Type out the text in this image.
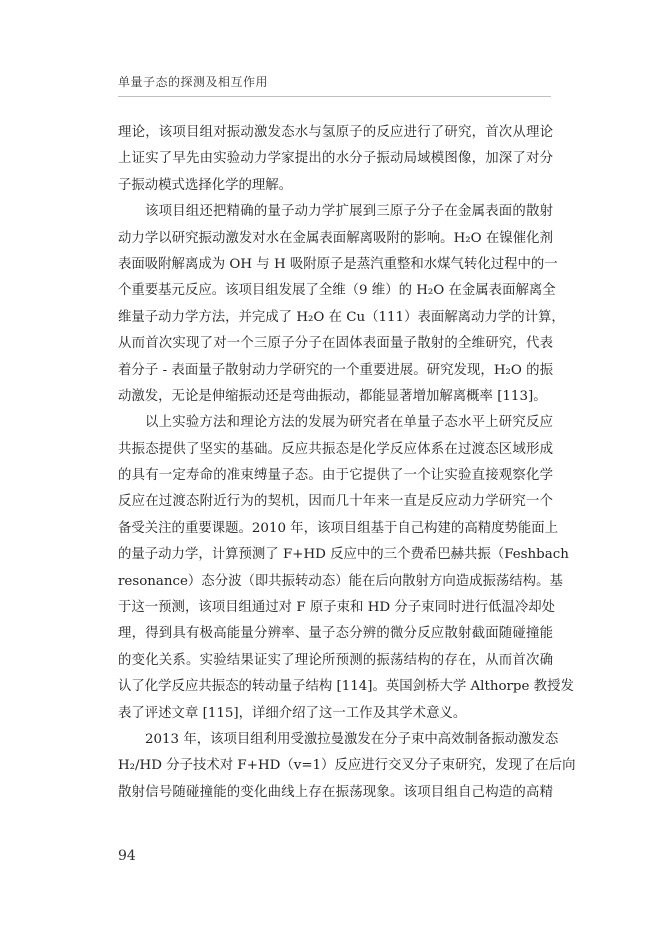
单量子态的探测及相互作用
理论，该项目组对振动激发态水与氢原子的反应进行了研究，首次从理论
上证实了早先由实验动力学家提出的水分子振动局域模图像，加深了对分
子振动模式选择化学的理解。
该项目组还把精确的量子动力学扩展到三原子分子在金属表面的散射
动力学以研究振动激发对水在金属表面解离吸附的影响。H₂O 在镍催化剂
表面吸附解离成为 OH 与 H 吸附原子是蒸汽重整和水煤气转化过程中的一
个重要基元反应。该项目组发展了全维（9 维）的 H₂O 在金属表面解离全
维量子动力学方法，并完成了 H₂O 在 Cu（111）表面解离动力学的计算，
从而首次实现了对一个三原子分子在固体表面量子散射的全维研究，代表
着分子 - 表面量子散射动力学研究的一个重要进展。研究发现，H₂O 的振
动激发，无论是伸缩振动还是弯曲振动，都能显著增加解离概率 [113]。
以上实验方法和理论方法的发展为研究者在单量子态水平上研究反应
共振态提供了坚实的基础。反应共振态是化学反应体系在过渡态区域形成
的具有一定寿命的准束缚量子态。由于它提供了一个让实验直接观察化学
反应在过渡态附近行为的契机，因而几十年来一直是反应动力学研究一个
备受关注的重要课题。2010 年，该项目组基于自己构建的高精度势能面上
的量子动力学，计算预测了 F+HD 反应中的三个费希巴赫共振（Feshbach
resonance）态分波（即共振转动态）能在后向散射方向造成振荡结构。基
于这一预测，该项目组通过对 F 原子束和 HD 分子束同时进行低温冷却处
理，得到具有极高能量分辨率、量子态分辨的微分反应散射截面随碰撞能
的变化关系。实验结果证实了理论所预测的振荡结构的存在，从而首次确
认了化学反应共振态的转动量子结构 [114]。英国剑桥大学 Althorpe 教授发
表了评述文章 [115]，详细介绍了这一工作及其学术意义。
2013 年，该项目组利用受激拉曼激发在分子束中高效制备振动激发态
H₂/HD 分子技术对 F+HD（v=1）反应进行交叉分子束研究，发现了在后向
散射信号随碰撞能的变化曲线上存在振荡现象。该项目组自己构造的高精
94
